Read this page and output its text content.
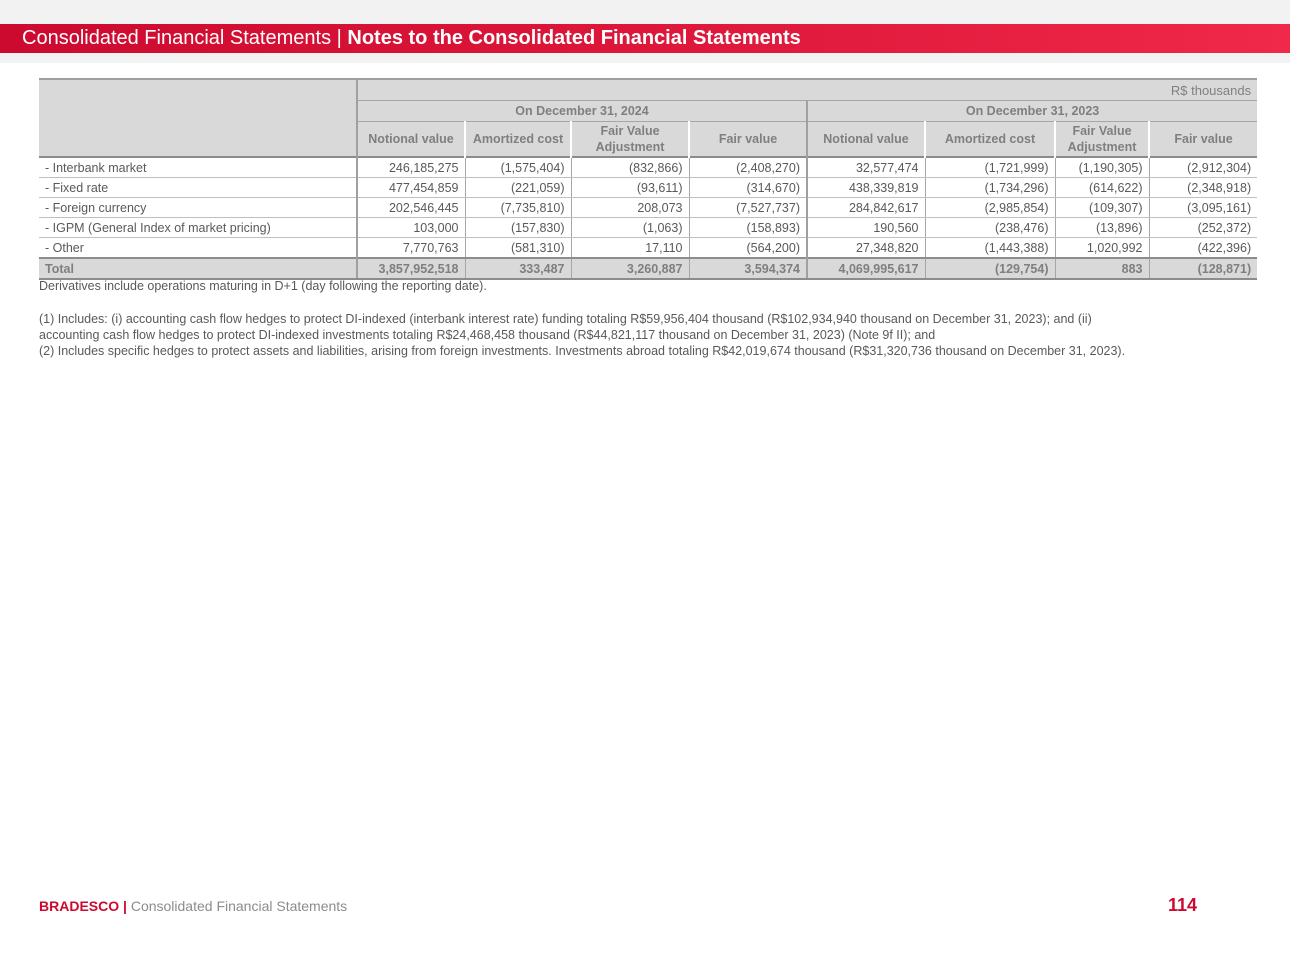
Consolidated Financial Statements | Notes to the Consolidated Financial Statements
	R$ thousands							
	On December 31, 2024				On December 31, 2023			
	Notional value	Amortized cost	Fair Value Adjustment	Fair value	Notional value	Amortized cost	Fair Value Adjustment	Fair value
- Interbank market	246,185,275	(1,575,404)	(832,866)	(2,408,270)	32,577,474	(1,721,999)	(1,190,305)	(2,912,304)
- Fixed rate	477,454,859	(221,059)	(93,611)	(314,670)	438,339,819	(1,734,296)	(614,622)	(2,348,918)
- Foreign currency	202,546,445	(7,735,810)	208,073	(7,527,737)	284,842,617	(2,985,854)	(109,307)	(3,095,161)
- IGPM (General Index of market pricing)	103,000	(157,830)	(1,063)	(158,893)	190,560	(238,476)	(13,896)	(252,372)
- Other	7,770,763	(581,310)	17,110	(564,200)	27,348,820	(1,443,388)	1,020,992	(422,396)
Total	3,857,952,518	333,487	3,260,887	3,594,374	4,069,995,617	(129,754)	883	(128,871)

Derivatives include operations maturing in D+1 (day following the reporting date).

(1) Includes: (i) accounting cash flow hedges to protect DI-indexed (interbank interest rate) funding totaling R$59,956,404 thousand (R$102,934,940 thousand on December 31, 2023); and (ii)

accounting cash flow hedges to protect DI-indexed investments totaling R$24,468,458 thousand (R$44,821,117 thousand on December 31, 2023) (Note 9f II); and

(2) Includes specific hedges to protect assets and liabilities, arising from foreign investments. Investments abroad totaling R$42,019,674 thousand (R$31,320,736 thousand on December 31, 2023).

BRADESCO | Consolidated Financial Statements	114
